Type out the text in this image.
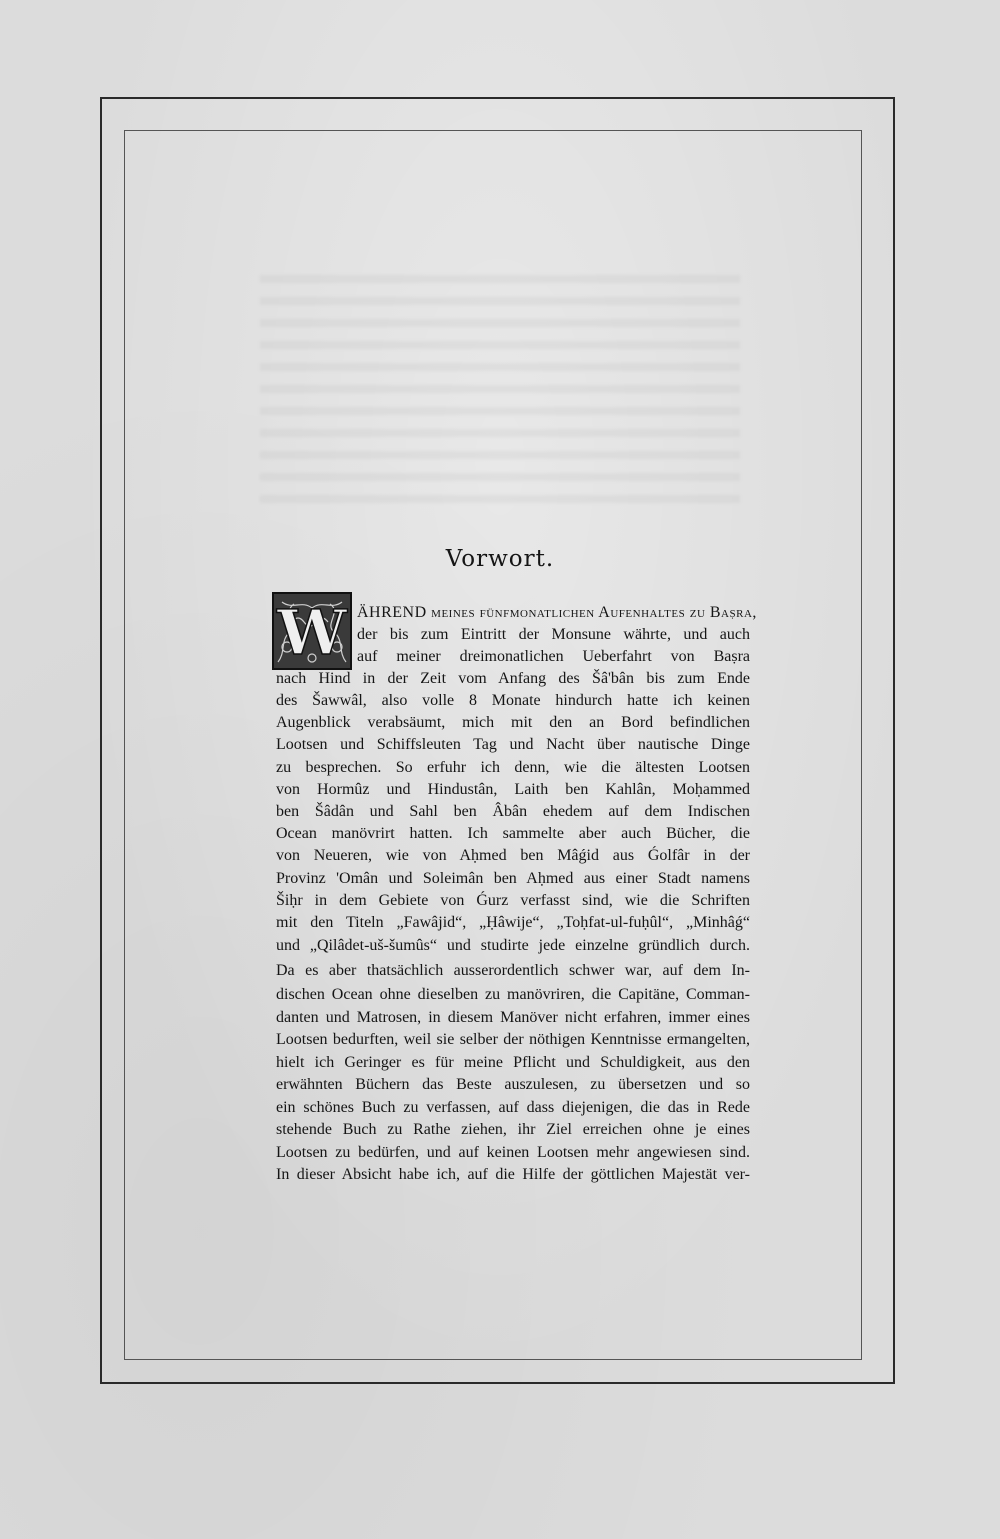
Vorwort.
W ÄHREND meines fünfmonatlichen Aufenhaltes zu Baṣra,
der bis zum Eintritt der Monsune währte, und auch
auf meiner dreimonatlichen Ueberfahrt von Baṣra
nach Hind in der Zeit vom Anfang des Šâ'bân bis zum Ende
des Šawwâl, also volle 8 Monate hindurch hatte ich keinen
Augenblick verabsäumt, mich mit den an Bord befindlichen
Lootsen und Schiffsleuten Tag und Nacht über nautische Dinge
zu besprechen. So erfuhr ich denn, wie die ältesten Lootsen
von Hormûz und Hindustân, Laith ben Kahlân, Moḥammed
ben Šâdân und Sahl ben Âbân ehedem auf dem Indischen
Ocean manövrirt hatten. Ich sammelte aber auch Bücher, die
von Neueren, wie von Aḥmed ben Mâǵid aus Ǵolfâr in der
Provinz 'Omân und Soleimân ben Aḥmed aus einer Stadt namens
Šiḥr in dem Gebiete von Ǵurz verfasst sind, wie die Schriften
mit den Titeln „Fawâjid“, „Ḥâwije“, „Toḥfat-ul-fuḥûl“, „Minhâǵ“
und „Qilâdet-uš-šumûs“ und studirte jede einzelne gründlich durch.
Da es aber thatsächlich ausserordentlich schwer war, auf dem In-
dischen Ocean ohne dieselben zu manövriren, die Capitäne, Comman-
danten und Matrosen, in diesem Manöver nicht erfahren, immer eines
Lootsen bedurften, weil sie selber der nöthigen Kenntnisse ermangelten,
hielt ich Geringer es für meine Pflicht und Schuldigkeit, aus den
erwähnten Büchern das Beste auszulesen, zu übersetzen und so
ein schönes Buch zu verfassen, auf dass diejenigen, die das in Rede
stehende Buch zu Rathe ziehen, ihr Ziel erreichen ohne je eines
Lootsen zu bedürfen, und auf keinen Lootsen mehr angewiesen sind.
In dieser Absicht habe ich, auf die Hilfe der göttlichen Majestät ver-
